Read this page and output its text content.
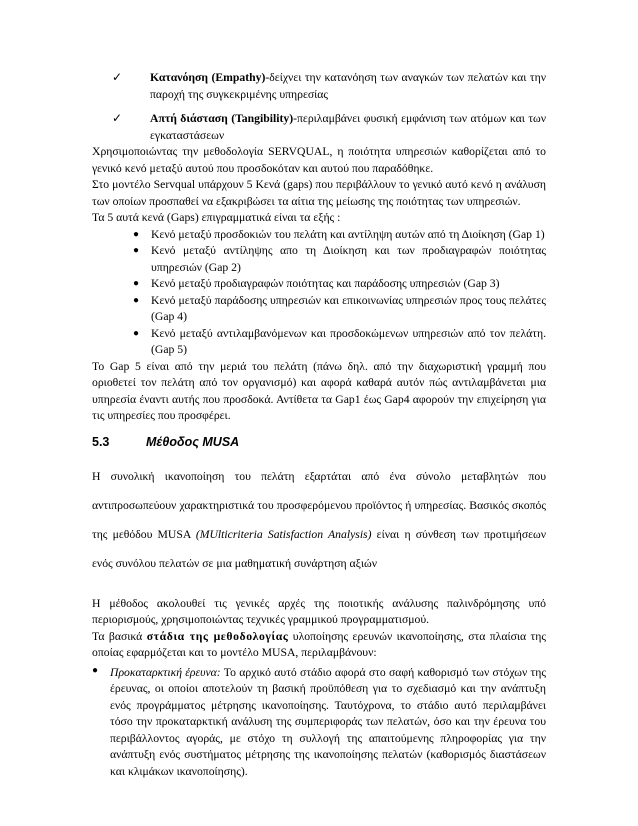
✓ Κατανόηση (Empathy)-δείχνει την κατανόηση των αναγκών των πελατών και την παροχή της συγκεκριμένης υπηρεσίας

✓ Απτή διάσταση (Tangibility)-περιλαμβάνει φυσική εμφάνιση των ατόμων και των εγκαταστάσεων

Χρησιμοποιώντας την μεθοδολογία SERVQUAL, η ποιότητα υπηρεσιών καθορίζεται από το γενικό κενό μεταξύ αυτού που προσδοκόταν και αυτού που παραδόθηκε.

Στο μοντέλο Servqual υπάρχουν 5 Κενά (gaps) που περιβάλλουν το γενικό αυτό κενό η ανάλυση των οποίων προσπαθεί να εξακριβώσει τα αίτια της μείωσης της ποιότητας των υπηρεσιών.

Τα 5 αυτά κενά (Gaps) επιγραμματικά είναι τα εξής :

● Κενό μεταξύ προσδοκιών του πελάτη και αντίληψη αυτών από τη Διοίκηση (Gap 1)
● Κενό μεταξύ αντίληψης απο τη Διοίκηση και των προδιαγραφών ποιότητας υπηρεσιών (Gap 2)
● Κενό μεταξύ προδιαγραφών ποιότητας και παράδοσης υπηρεσιών (Gap 3)
● Κενό μεταξύ παράδοσης υπηρεσιών και επικοινωνίας υπηρεσιών προς τους πελάτες (Gap 4)
● Κενό μεταξύ αντιλαμβανόμενων και προσδοκώμενων υπηρεσιών από τον πελάτη. (Gap 5)

Το Gap 5 είναι από την μεριά του πελάτη (πάνω δηλ. από την διαχωριστική γραμμή που οριοθετεί τον πελάτη από τον οργανισμό) και αφορά καθαρά αυτόν πώς αντιλαμβάνεται μια υπηρεσία έναντι αυτής που προσδοκά. Αντίθετα τα Gap1 έως Gap4 αφορούν την επιχείρηση για τις υπηρεσίες που προσφέρει.

5.3	Μέθοδος MUSA

Η συνολική ικανοποίηση του πελάτη εξαρτάται από ένα σύνολο μεταβλητών που αντιπροσωπεύουν χαρακτηριστικά του προσφερόμενου προϊόντος ή υπηρεσίας. Βασικός σκοπός της μεθόδου MUSA (MUlticriteria Satisfaction Analysis) είναι η σύνθεση των προτιμήσεων ενός συνόλου πελατών σε μια μαθηματική συνάρτηση αξιών

Η μέθοδος ακολουθεί τις γενικές αρχές της ποιοτικής ανάλυσης παλινδρόμησης υπό περιορισμούς, χρησιμοποιώντας τεχνικές γραμμικού προγραμματισμού.

Τα βασικά στάδια της μεθοδολογίας υλοποίησης ερευνών ικανοποίησης, στα πλαίσια της οποίας εφαρμόζεται και το μοντέλο MUSA, περιλαμβάνουν:

● Προκαταρκτική έρευνα: Το αρχικό αυτό στάδιο αφορά στο σαφή καθορισμό των στόχων της έρευνας, οι οποίοι αποτελούν τη βασική προϋπόθεση για το σχεδιασμό και την ανάπτυξη ενός προγράμματος μέτρησης ικανοποίησης. Ταυτόχρονα, το στάδιο αυτό περιλαμβάνει τόσο την προκαταρκτική ανάλυση της συμπεριφοράς των πελατών, όσο και την έρευνα του περιβάλλοντος αγοράς, με στόχο τη συλλογή της απαιτούμενης πληροφορίας για την ανάπτυξη ενός συστήματος μέτρησης της ικανοποίησης πελατών (καθορισμός διαστάσεων και κλιμάκων ικανοποίησης).
